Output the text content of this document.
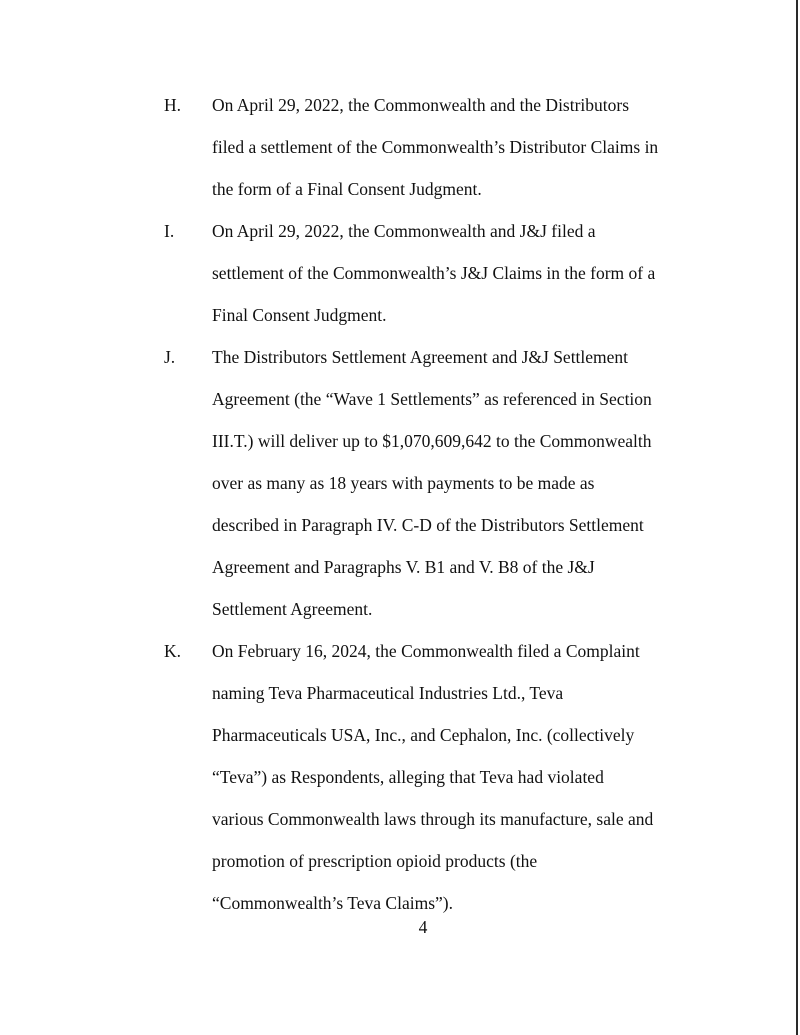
H. On April 29, 2022, the Commonwealth and the Distributors
filed a settlement of the Commonwealth’s Distributor Claims in
the form of a Final Consent Judgment.
I. On April 29, 2022, the Commonwealth and J&J filed a
settlement of the Commonwealth’s J&J Claims in the form of a
Final Consent Judgment.
J. The Distributors Settlement Agreement and J&J Settlement
Agreement (the “Wave 1 Settlements” as referenced in Section
III.T.) will deliver up to $1,070,609,642 to the Commonwealth
over as many as 18 years with payments to be made as
described in Paragraph IV. C-D of the Distributors Settlement
Agreement and Paragraphs V. B1 and V. B8 of the J&J
Settlement Agreement.
K. On February 16, 2024, the Commonwealth filed a Complaint
naming Teva Pharmaceutical Industries Ltd., Teva
Pharmaceuticals USA, Inc., and Cephalon, Inc. (collectively
“Teva”) as Respondents, alleging that Teva had violated
various Commonwealth laws through its manufacture, sale and
promotion of prescription opioid products (the
“Commonwealth’s Teva Claims”).
4
